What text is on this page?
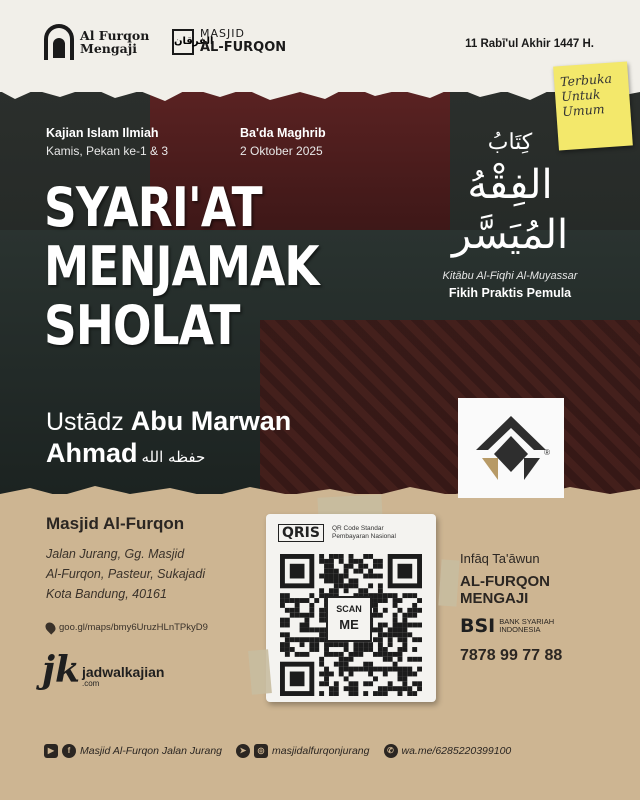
Al Furqon
Mengaji	الفرقان
MASJID
AL-FURQON	11 Rabī'ul Akhir 1447 H.
Terbuka
Untuk
Umum
Kajian Islam Ilmiah
Kamis, Pekan ke-1 & 3
Ba'da Maghrib
2 Oktober 2025
SYARI'AT
MENJAMAK
SHOLAT
كِتَابُ
الفِقْهُ المُيَسَّر
Kitābu Al-Fiqhi Al-Muyassar
Fikih Praktis Pemula
Ustādz Abu Marwan
Ahmad حفظه الله	®
Masjid Al-Furqon
Jalan Jurang, Gg. Masjid
Al-Furqon, Pasteur, Sukajadi
Kota Bandung, 40161
goo.gl/maps/bmy6UruzHLnTPkyD9
jk jadwalkajian
.com
QRIS	QR Code Standar
Pembayaran Nasional
SCAN
ME
Infāq Ta'āwun
AL-FURQON
MENGAJI
BSI BANK SYARIAH
INDONESIA
7878 99 77 88
▶	f Masjid Al-Furqon Jalan Jurang	➤	◎ masjidalfurqonjurang	✆ wa.me/6285220399100
